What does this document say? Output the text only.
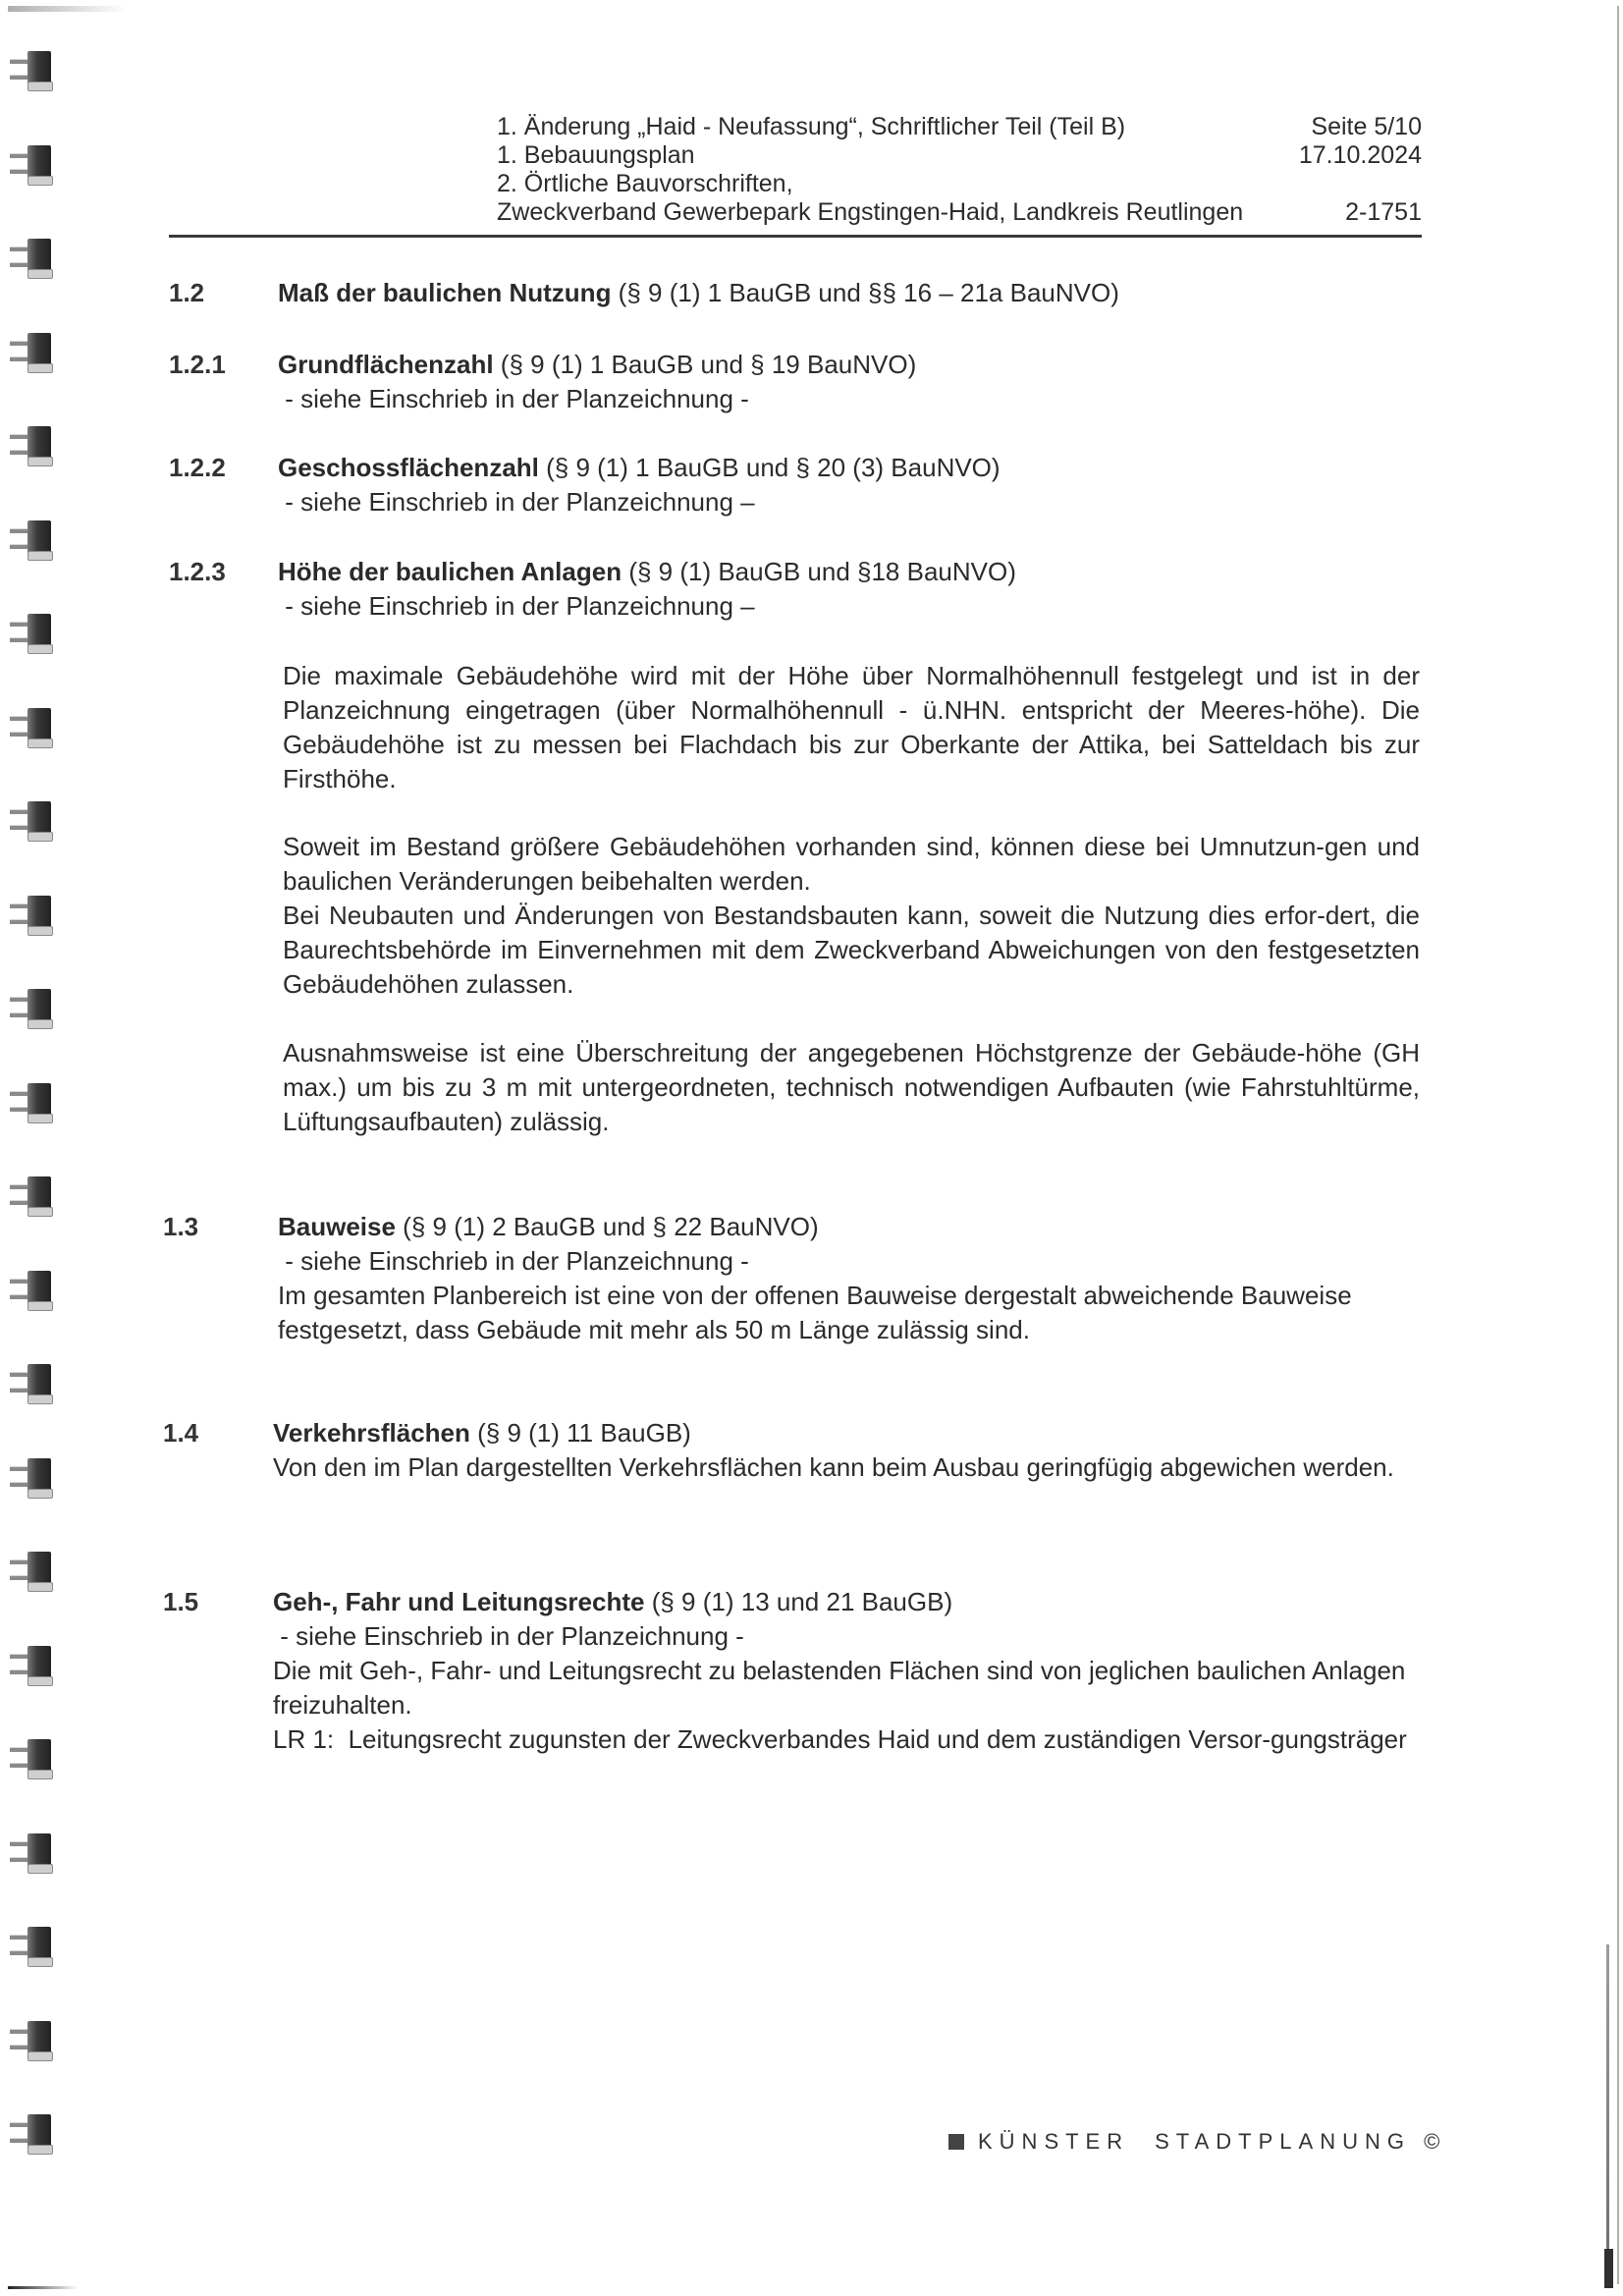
1. Änderung „Haid - Neufassung“, Schriftlicher Teil (Teil B)	Seite 5/10
1. Bebauungsplan	17.10.2024
2. Örtliche Bauvorschriften,
Zweckverband Gewerbepark Engstingen-Haid, Landkreis Reutlingen	2-1751
1.2	Maß der baulichen Nutzung (§ 9 (1) 1 BauGB und §§ 16 – 21a BauNVO)
1.2.1 Grundflächenzahl (§ 9 (1) 1 BauGB und § 19 BauNVO)
- siehe Einschrieb in der Planzeichnung -
1.2.2 Geschossflächenzahl (§ 9 (1) 1 BauGB und § 20 (3) BauNVO)
- siehe Einschrieb in der Planzeichnung –
1.2.3 Höhe der baulichen Anlagen (§ 9 (1) BauGB und §18 BauNVO)
- siehe Einschrieb in der Planzeichnung –
Die maximale Gebäudehöhe wird mit der Höhe über Normalhöhennull festgelegt und ist in der Planzeichnung eingetragen (über Normalhöhennull - ü.NHN. entspricht der Meeres-höhe). Die Gebäudehöhe ist zu messen bei Flachdach bis zur Oberkante der Attika, bei Satteldach bis zur Firsthöhe.
Soweit im Bestand größere Gebäudehöhen vorhanden sind, können diese bei Umnutzun-gen und baulichen Veränderungen beibehalten werden.
Bei Neubauten und Änderungen von Bestandsbauten kann, soweit die Nutzung dies erfor-dert, die Baurechtsbehörde im Einvernehmen mit dem Zweckverband Abweichungen von den festgesetzten Gebäudehöhen zulassen.
Ausnahmsweise ist eine Überschreitung der angegebenen Höchstgrenze der Gebäude-höhe (GH max.) um bis zu 3 m mit untergeordneten, technisch notwendigen Aufbauten (wie Fahrstuhltürme, Lüftungsaufbauten) zulässig.
1.3	Bauweise (§ 9 (1) 2 BauGB und § 22 BauNVO)
- siehe Einschrieb in der Planzeichnung -
Im gesamten Planbereich ist eine von der offenen Bauweise dergestalt abweichende Bauweise festgesetzt, dass Gebäude mit mehr als 50 m Länge zulässig sind.
1.4	Verkehrsflächen (§ 9 (1) 11 BauGB)
Von den im Plan dargestellten Verkehrsflächen kann beim Ausbau geringfügig abgewichen werden.
1.5	Geh-, Fahr und Leitungsrechte (§ 9 (1) 13 und 21 BauGB)
- siehe Einschrieb in der Planzeichnung -
Die mit Geh-, Fahr- und Leitungsrecht zu belastenden Flächen sind von jeglichen baulichen Anlagen freizuhalten.
LR 1:  Leitungsrecht zugunsten der Zweckverbandes Haid und dem zuständigen Versor-gungsträger
KÜNSTER STADTPLANUNG ©
